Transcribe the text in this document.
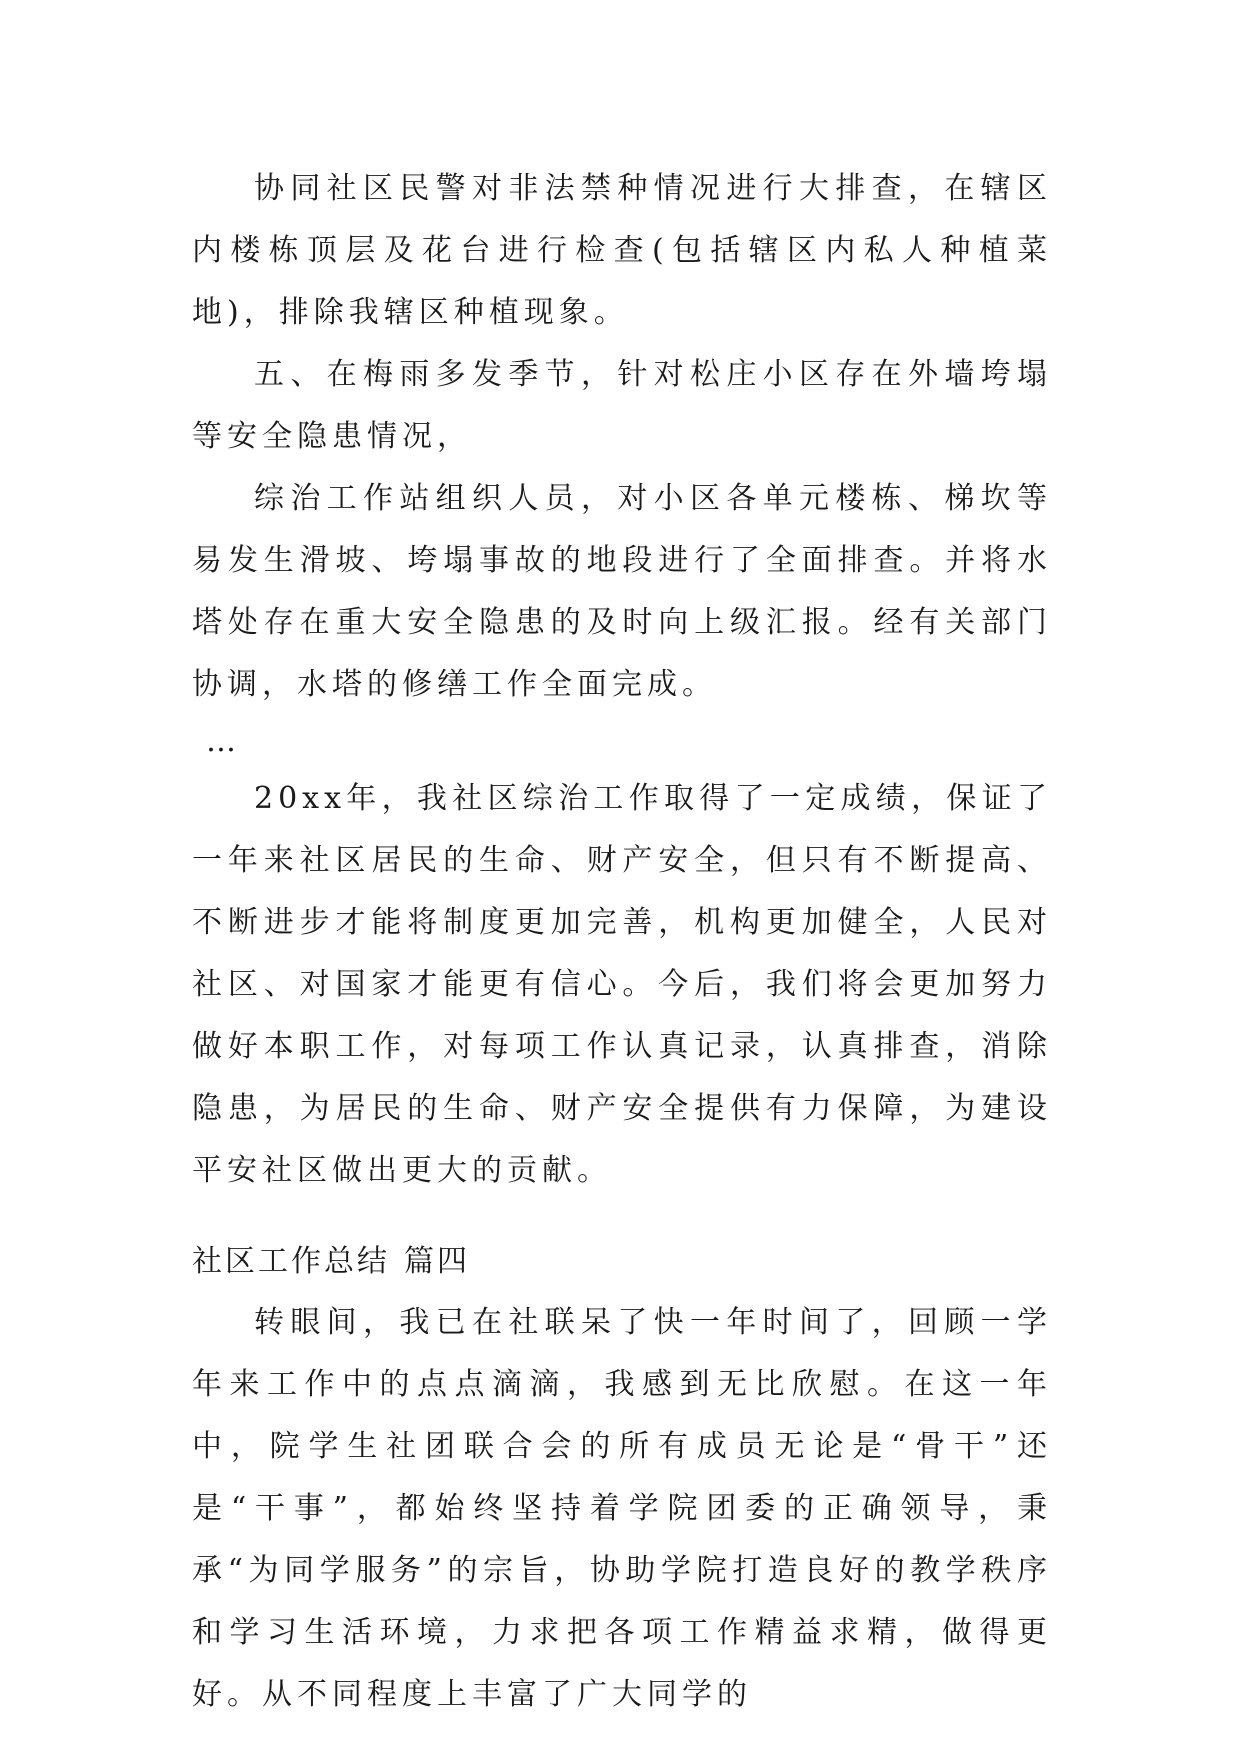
协同社区民警对非法禁种情况进行大排查，在辖区内楼栋顶层及花台进行检查(包括辖区内私人种植菜地)，排除我辖区种植现象。

五、在梅雨多发季节，针对松庄小区存在外墙垮塌等安全隐患情况，

综治工作站组织人员，对小区各单元楼栋、梯坎等易发生滑坡、垮塌事故的地段进行了全面排查。并将水塔处存在重大安全隐患的及时向上级汇报。经有关部门协调，水塔的修缮工作全面完成。

…

20xx年，我社区综治工作取得了一定成绩，保证了一年来社区居民的生命、财产安全，但只有不断提高、不断进步才能将制度更加完善，机构更加健全，人民对社区、对国家才能更有信心。今后，我们将会更加努力做好本职工作，对每项工作认真记录，认真排查，消除隐患，为居民的生命、财产安全提供有力保障，为建设平安社区做出更大的贡献。

社区工作总结 篇四

转眼间，我已在社联呆了快一年时间了，回顾一学年来工作中的点点滴滴，我感到无比欣慰。在这一年中，院学生社团联合会的所有成员无论是“骨干”还是“干事”，都始终坚持着学院团委的正确领导，秉承“为同学服务”的宗旨，协助学院打造良好的教学秩序和学习生活环境，力求把各项工作精益求精，做得更好。从不同程度上丰富了广大同学的
